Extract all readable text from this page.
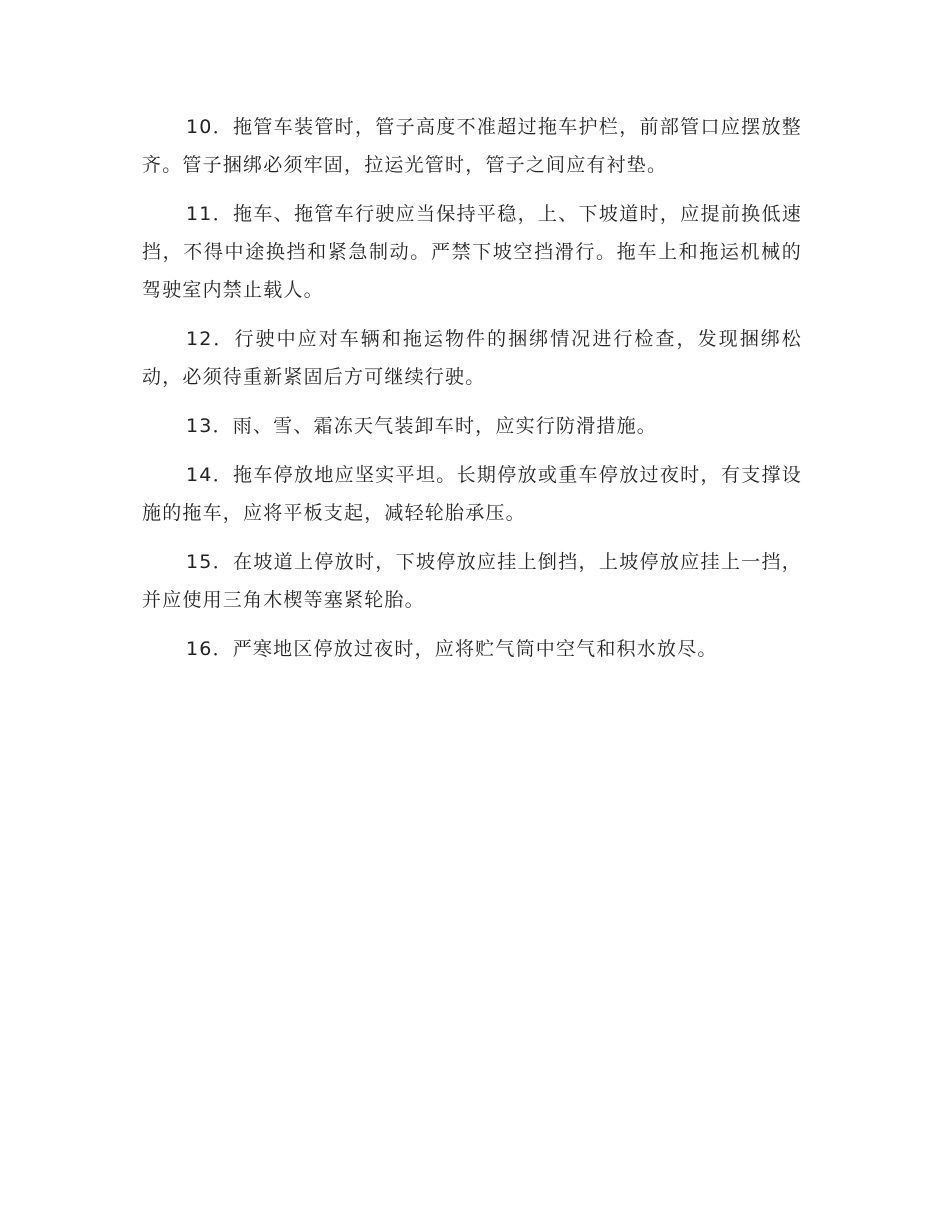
10．拖管车装管时，管子高度不准超过拖车护栏，前部管口应摆放整齐。管子捆绑必须牢固，拉运光管时，管子之间应有衬垫。

11．拖车、拖管车行驶应当保持平稳，上、下坡道时，应提前换低速挡，不得中途换挡和紧急制动。严禁下坡空挡滑行。拖车上和拖运机械的驾驶室内禁止载人。

12．行驶中应对车辆和拖运物件的捆绑情况进行检查，发现捆绑松动，必须待重新紧固后方可继续行驶。

13．雨、雪、霜冻天气装卸车时，应实行防滑措施。

14．拖车停放地应坚实平坦。长期停放或重车停放过夜时，有支撑设施的拖车，应将平板支起，减轻轮胎承压。

15．在坡道上停放时，下坡停放应挂上倒挡，上坡停放应挂上一挡，并应使用三角木楔等塞紧轮胎。

16．严寒地区停放过夜时，应将贮气筒中空气和积水放尽。
